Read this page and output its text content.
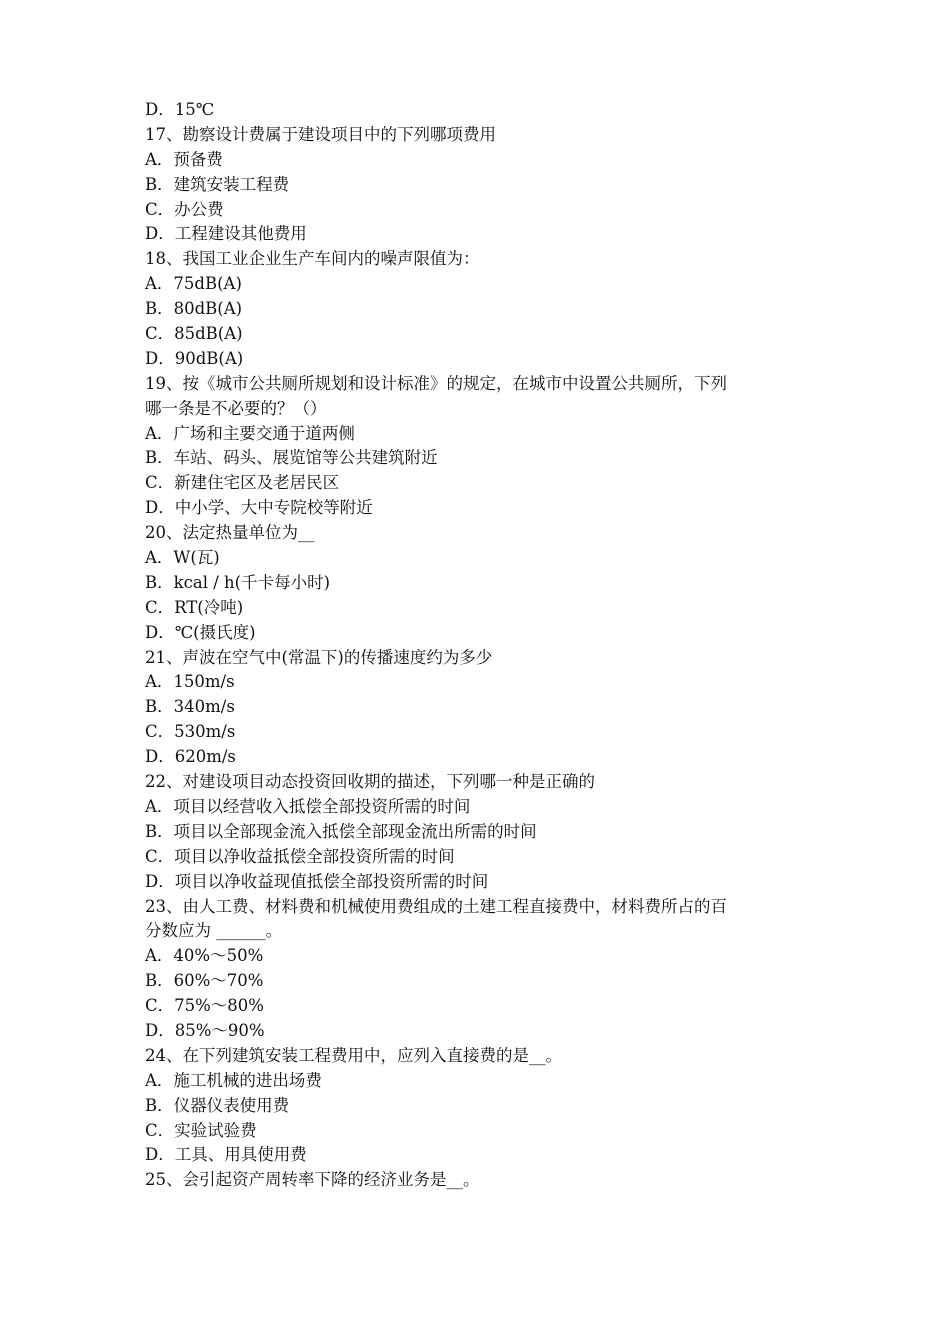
D．15℃
17、勘察设计费属于建设项目中的下列哪项费用
A．预备费
B．建筑安装工程费
C．办公费
D．工程建设其他费用
18、我国工业企业生产车间内的噪声限值为：
A．75dB(A)
B．80dB(A)
C．85dB(A)
D．90dB(A)
19、按《城市公共厕所规划和设计标准》的规定，在城市中设置公共厕所，下列
哪一条是不必要的？（）
A．广场和主要交通于道两侧
B．车站、码头、展览馆等公共建筑附近
C．新建住宅区及老居民区
D．中小学、大中专院校等附近
20、法定热量单位为__
A．W(瓦)
B．kcal / h(千卡每小时)
C．RT(冷吨)
D．℃(摄氏度)
21、声波在空气中(常温下)的传播速度约为多少
A．150m/s
B．340m/s
C．530m/s
D．620m/s
22、对建设项目动态投资回收期的描述，下列哪一种是正确的
A．项目以经营收入抵偿全部投资所需的时间
B．项目以全部现金流入抵偿全部现金流出所需的时间
C．项目以净收益抵偿全部投资所需的时间
D．项目以净收益现值抵偿全部投资所需的时间
23、由人工费、材料费和机械使用费组成的土建工程直接费中，材料费所占的百
分数应为 ______。
A．40%～50%
B．60%～70%
C．75%～80%
D．85%～90%
24、在下列建筑安装工程费用中，应列入直接费的是__。
A．施工机械的进出场费
B．仪器仪表使用费
C．实验试验费
D．工具、用具使用费
25、会引起资产周转率下降的经济业务是__。
